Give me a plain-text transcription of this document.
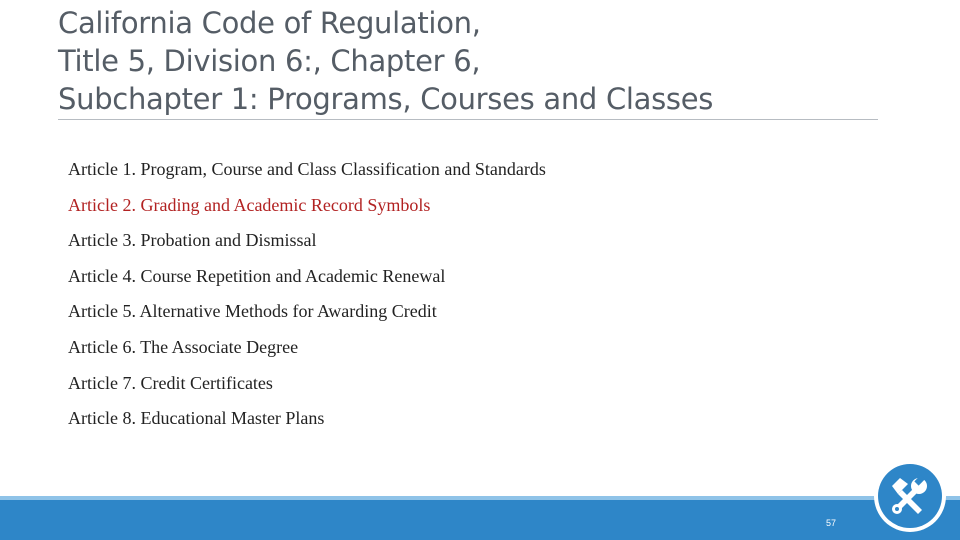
California Code of Regulation,
Title 5, Division 6:, Chapter 6,
Subchapter 1: Programs, Courses and Classes
Article 1. Program, Course and Class Classification and Standards
Article 2. Grading and Academic Record Symbols
Article 3. Probation and Dismissal
Article 4. Course Repetition and Academic Renewal
Article 5. Alternative Methods for Awarding Credit
Article 6. The Associate Degree
Article 7. Credit Certificates
Article 8. Educational Master Plans
57
